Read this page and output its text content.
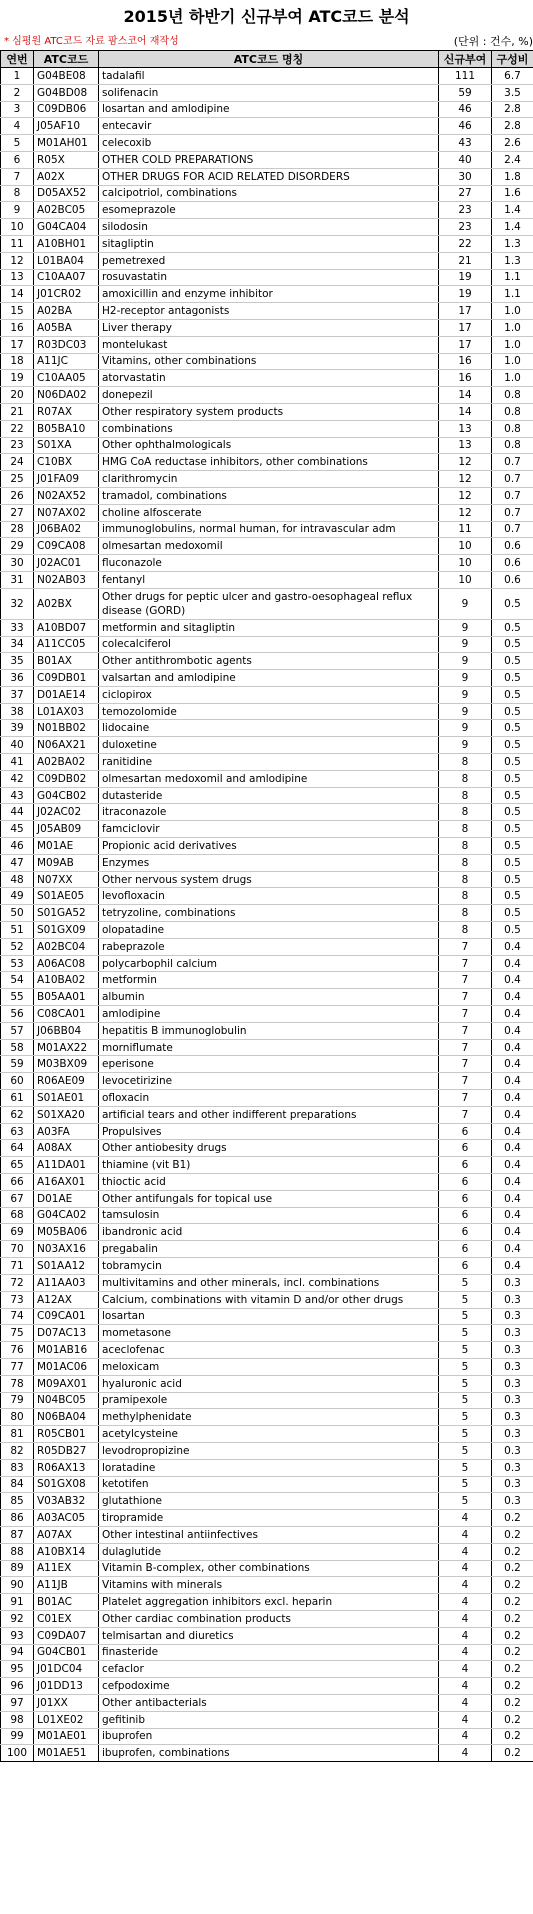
2015년 하반기 신규부여 ATC코드 분석
* 심평원 ATC코드 자료 팜스코어 재작성	(단위 : 건수, %)
연번	ATC코드	ATC코드 명칭	신규부여	구성비
1	G04BE08	tadalafil	111	6.7
2	G04BD08	solifenacin	59	3.5
3	C09DB06	losartan and amlodipine	46	2.8
4	J05AF10	entecavir	46	2.8
5	M01AH01	celecoxib	43	2.6
6	R05X	OTHER COLD PREPARATIONS	40	2.4
7	A02X	OTHER DRUGS FOR ACID RELATED DISORDERS	30	1.8
8	D05AX52	calcipotriol, combinations	27	1.6
9	A02BC05	esomeprazole	23	1.4
10	G04CA04	silodosin	23	1.4
11	A10BH01	sitagliptin	22	1.3
12	L01BA04	pemetrexed	21	1.3
13	C10AA07	rosuvastatin	19	1.1
14	J01CR02	amoxicillin and enzyme inhibitor	19	1.1
15	A02BA	H2-receptor antagonists	17	1.0
16	A05BA	Liver therapy	17	1.0
17	R03DC03	montelukast	17	1.0
18	A11JC	Vitamins, other combinations	16	1.0
19	C10AA05	atorvastatin	16	1.0
20	N06DA02	donepezil	14	0.8
21	R07AX	Other respiratory system products	14	0.8
22	B05BA10	combinations	13	0.8
23	S01XA	Other ophthalmologicals	13	0.8
24	C10BX	HMG CoA reductase inhibitors, other combinations	12	0.7
25	J01FA09	clarithromycin	12	0.7
26	N02AX52	tramadol, combinations	12	0.7
27	N07AX02	choline alfoscerate	12	0.7
28	J06BA02	immunoglobulins, normal human, for intravascular adm	11	0.7
29	C09CA08	olmesartan medoxomil	10	0.6
30	J02AC01	fluconazole	10	0.6
31	N02AB03	fentanyl	10	0.6
32	A02BX	Other drugs for peptic ulcer and gastro-oesophageal reflux disease (GORD)	9	0.5
33	A10BD07	metformin and sitagliptin	9	0.5
34	A11CC05	colecalciferol	9	0.5
35	B01AX	Other antithrombotic agents	9	0.5
36	C09DB01	valsartan and amlodipine	9	0.5
37	D01AE14	ciclopirox	9	0.5
38	L01AX03	temozolomide	9	0.5
39	N01BB02	lidocaine	9	0.5
40	N06AX21	duloxetine	9	0.5
41	A02BA02	ranitidine	8	0.5
42	C09DB02	olmesartan medoxomil and amlodipine	8	0.5
43	G04CB02	dutasteride	8	0.5
44	J02AC02	itraconazole	8	0.5
45	J05AB09	famciclovir	8	0.5
46	M01AE	Propionic acid derivatives	8	0.5
47	M09AB	Enzymes	8	0.5
48	N07XX	Other nervous system drugs	8	0.5
49	S01AE05	levofloxacin	8	0.5
50	S01GA52	tetryzoline, combinations	8	0.5
51	S01GX09	olopatadine	8	0.5
52	A02BC04	rabeprazole	7	0.4
53	A06AC08	polycarbophil calcium	7	0.4
54	A10BA02	metformin	7	0.4
55	B05AA01	albumin	7	0.4
56	C08CA01	amlodipine	7	0.4
57	J06BB04	hepatitis B immunoglobulin	7	0.4
58	M01AX22	morniflumate	7	0.4
59	M03BX09	eperisone	7	0.4
60	R06AE09	levocetirizine	7	0.4
61	S01AE01	ofloxacin	7	0.4
62	S01XA20	artificial tears and other indifferent preparations	7	0.4
63	A03FA	Propulsives	6	0.4
64	A08AX	Other antiobesity drugs	6	0.4
65	A11DA01	thiamine (vit B1)	6	0.4
66	A16AX01	thioctic acid	6	0.4
67	D01AE	Other antifungals for topical use	6	0.4
68	G04CA02	tamsulosin	6	0.4
69	M05BA06	ibandronic acid	6	0.4
70	N03AX16	pregabalin	6	0.4
71	S01AA12	tobramycin	6	0.4
72	A11AA03	multivitamins and other minerals, incl. combinations	5	0.3
73	A12AX	Calcium, combinations with vitamin D and/or other drugs	5	0.3
74	C09CA01	losartan	5	0.3
75	D07AC13	mometasone	5	0.3
76	M01AB16	aceclofenac	5	0.3
77	M01AC06	meloxicam	5	0.3
78	M09AX01	hyaluronic acid	5	0.3
79	N04BC05	pramipexole	5	0.3
80	N06BA04	methylphenidate	5	0.3
81	R05CB01	acetylcysteine	5	0.3
82	R05DB27	levodropropizine	5	0.3
83	R06AX13	loratadine	5	0.3
84	S01GX08	ketotifen	5	0.3
85	V03AB32	glutathione	5	0.3
86	A03AC05	tiropramide	4	0.2
87	A07AX	Other intestinal antiinfectives	4	0.2
88	A10BX14	dulaglutide	4	0.2
89	A11EX	Vitamin B-complex, other combinations	4	0.2
90	A11JB	Vitamins with minerals	4	0.2
91	B01AC	Platelet aggregation inhibitors excl. heparin	4	0.2
92	C01EX	Other cardiac combination products	4	0.2
93	C09DA07	telmisartan and diuretics	4	0.2
94	G04CB01	finasteride	4	0.2
95	J01DC04	cefaclor	4	0.2
96	J01DD13	cefpodoxime	4	0.2
97	J01XX	Other antibacterials	4	0.2
98	L01XE02	gefitinib	4	0.2
99	M01AE01	ibuprofen	4	0.2
100	M01AE51	ibuprofen, combinations	4	0.2
